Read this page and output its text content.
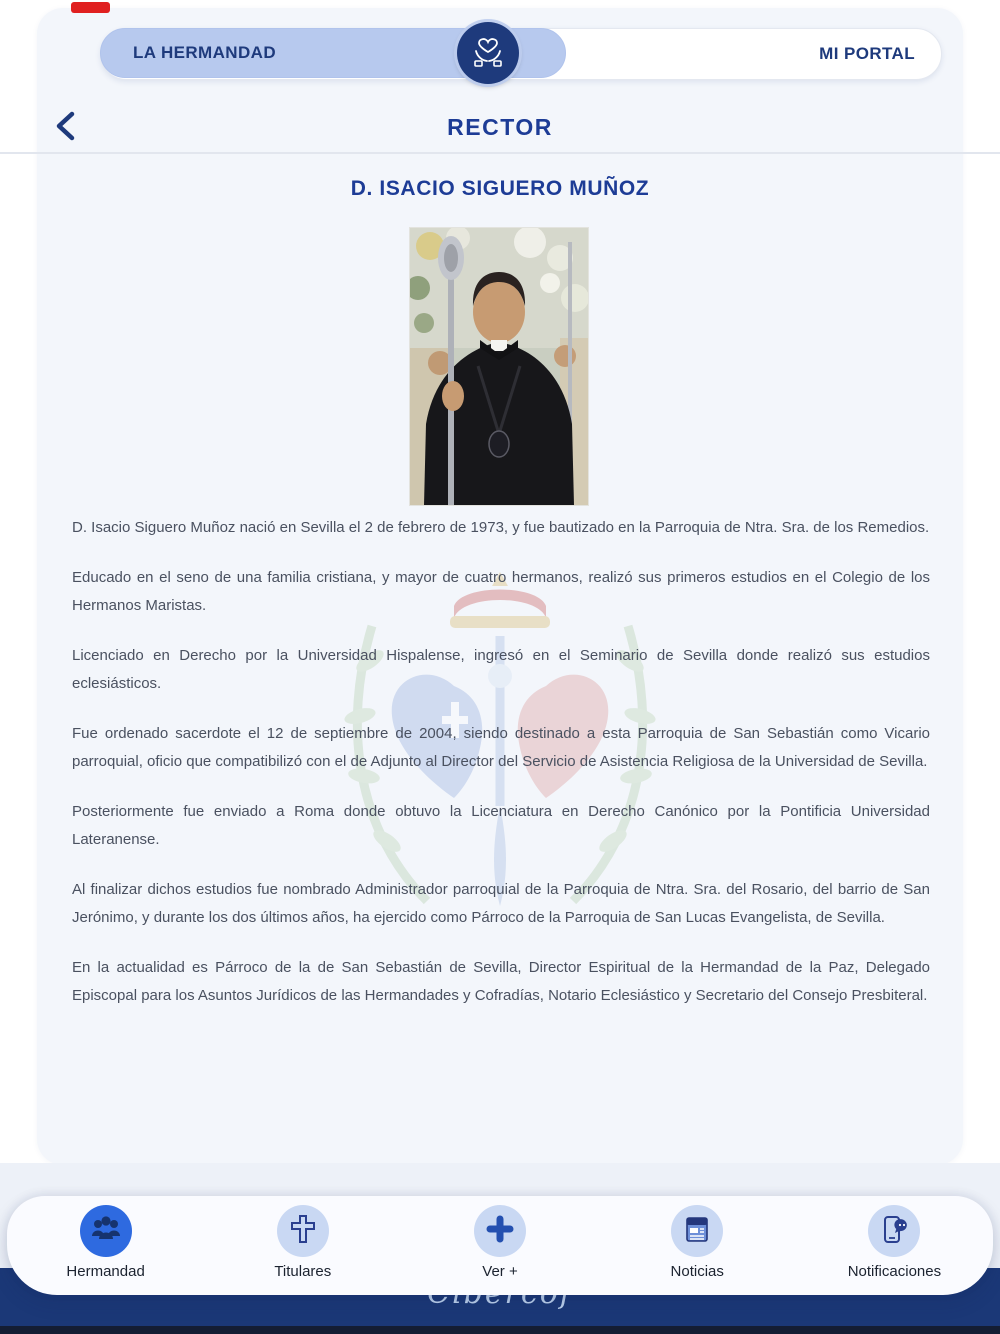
MI PORTAL
LA HERMANDAD
RECTOR
D. ISACIO SIGUERO MUÑOZ

D. Isacio Siguero Muñoz nació en Sevilla el 2 de febrero de 1973, y fue bautizado en la Parroquia de Ntra. Sra. de los Remedios.

Educado en el seno de una familia cristiana, y mayor de cuatro hermanos, realizó sus primeros estudios en el Colegio de los Hermanos Maristas.

Licenciado en Derecho por la Universidad Hispalense, ingresó en el Seminario de Sevilla donde realizó sus estudios eclesiásticos.

Fue ordenado sacerdote el 12 de septiembre de 2004, siendo destinado a esta Parroquia de San Sebastián como Vicario parroquial, oficio que compatibilizó con el de Adjunto al Director del Servicio de Asistencia Religiosa de la Universidad de Sevilla.

Posteriormente fue enviado a Roma donde obtuvo la Licenciatura en Derecho Canónico por la Pontificia Universidad Lateranense.

Al finalizar dichos estudios fue nombrado Administrador parroquial de la Parroquia de Ntra. Sra. del Rosario, del barrio de San Jerónimo, y durante los dos últimos años, ha ejercido como Párroco de la Parroquia de San Lucas Evangelista, de Sevilla.

En la actualidad es Párroco de la de San Sebastián de Sevilla, Director Espiritual de la Hermandad de la Paz, Delegado Episcopal para los Asuntos Jurídicos de las Hermandades y Cofradías, Notario Eclesiástico y Secretario del Consejo Presbiteral.

Hermandad	Titulares	Ver +	Noticias	Notificaciones
